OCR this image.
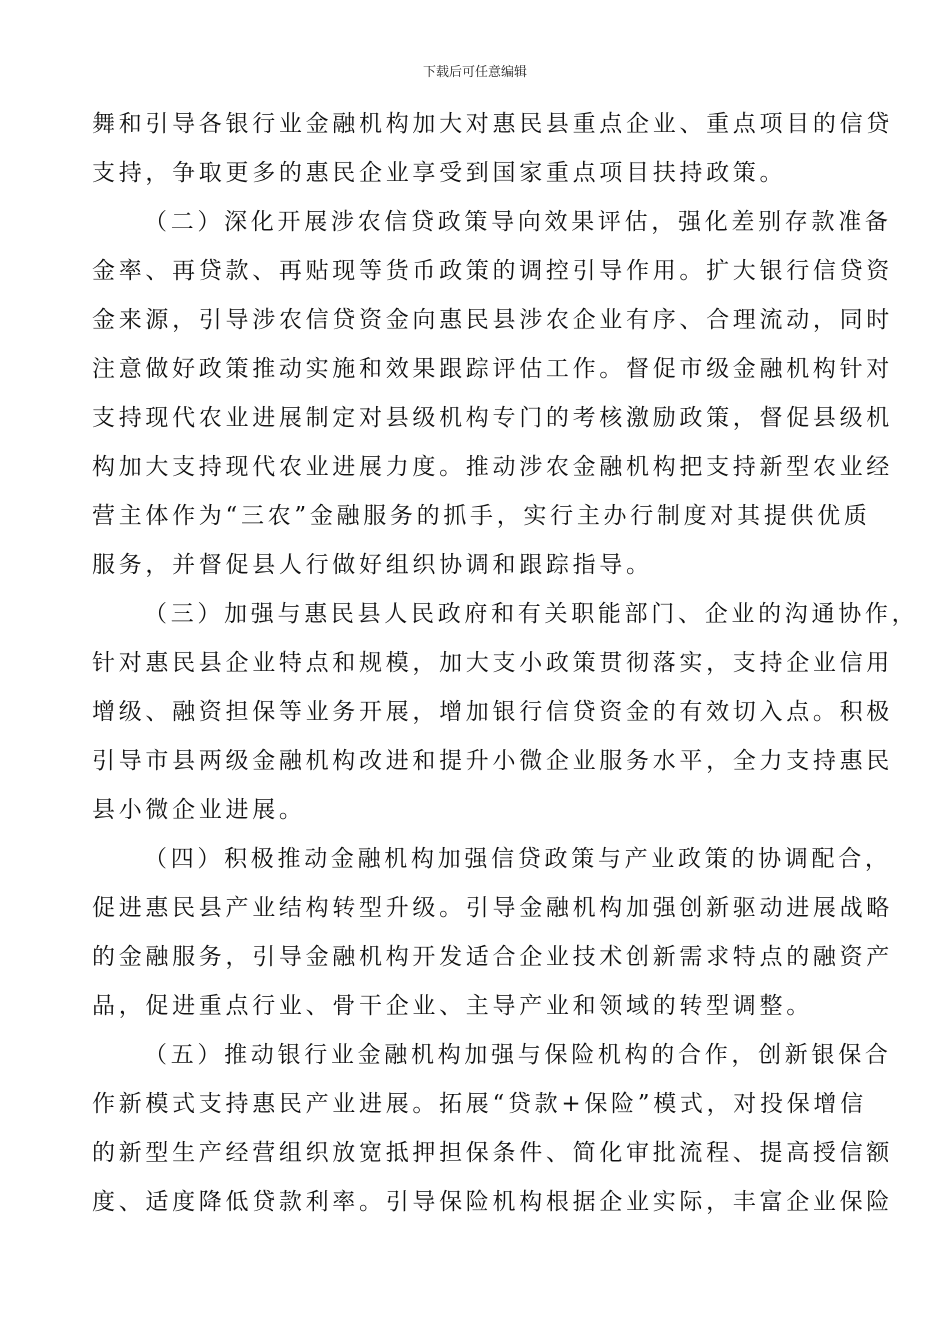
下载后可任意编辑
舞和引导各银行业金融机构加大对惠民县重点企业、重点项目的信贷
支持，争取更多的惠民企业享受到国家重点项目扶持政策。
（二）深化开展涉农信贷政策导向效果评估，强化差别存款准备
金率、再贷款、再贴现等货币政策的调控引导作用。扩大银行信贷资
金来源，引导涉农信贷资金向惠民县涉农企业有序、合理流动，同时
注意做好政策推动实施和效果跟踪评估工作。督促市级金融机构针对
支持现代农业进展制定对县级机构专门的考核激励政策，督促县级机
构加大支持现代农业进展力度。推动涉农金融机构把支持新型农业经
营主体作为“三农”金融服务的抓手，实行主办行制度对其提供优质
服务，并督促县人行做好组织协调和跟踪指导。
（三）加强与惠民县人民政府和有关职能部门、企业的沟通协作，
针对惠民县企业特点和规模，加大支小政策贯彻落实，支持企业信用
增级、融资担保等业务开展，增加银行信贷资金的有效切入点。积极
引导市县两级金融机构改进和提升小微企业服务水平，全力支持惠民
县小微企业进展。
（四）积极推动金融机构加强信贷政策与产业政策的协调配合，
促进惠民县产业结构转型升级。引导金融机构加强创新驱动进展战略
的金融服务，引导金融机构开发适合企业技术创新需求特点的融资产
品，促进重点行业、骨干企业、主导产业和领域的转型调整。
（五）推动银行业金融机构加强与保险机构的合作，创新银保合
作新模式支持惠民产业进展。拓展“贷款+保险”模式，对投保增信
的新型生产经营组织放宽抵押担保条件、简化审批流程、提高授信额
度、适度降低贷款利率。引导保险机构根据企业实际，丰富企业保险
